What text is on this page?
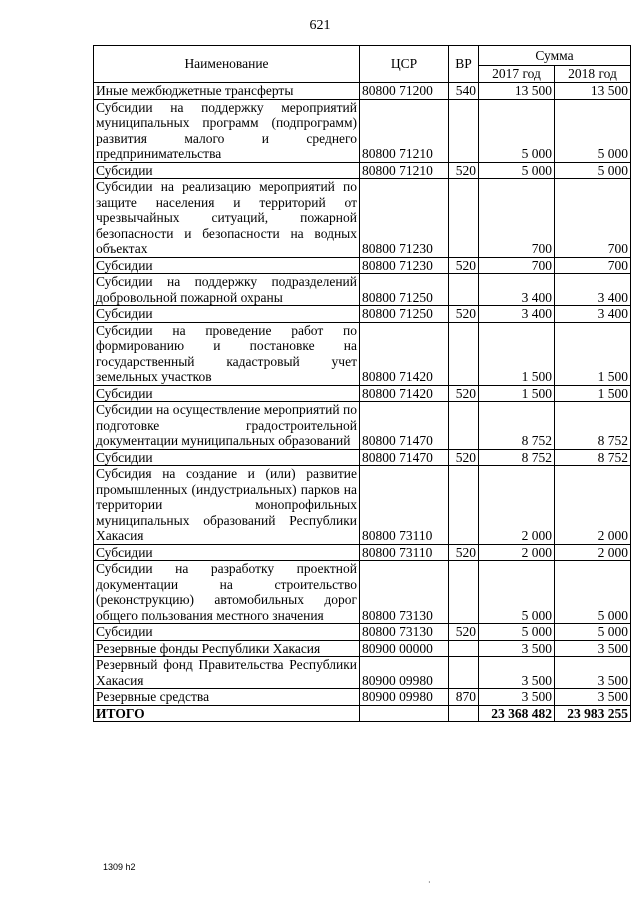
621
Наименование	ЦСР	ВР	Сумма	
			2017 год	2018 год
Иные межбюджетные трансферты	80800 71200	540	13 500	13 500
Субсидии на поддержку мероприятий муниципальных программ (подпрограмм) развития малого и среднего предпринимательства	80800 71210		5 000	5 000
Субсидии	80800 71210	520	5 000	5 000
Субсидии на реализацию мероприятий по защите населения и территорий от чрезвычайных ситуаций, пожарной безопасности и безопасности на водных объектах	80800 71230		700	700
Субсидии	80800 71230	520	700	700
Субсидии на поддержку подразделений добровольной пожарной охраны	80800 71250		3 400	3 400
Субсидии	80800 71250	520	3 400	3 400
Субсидии на проведение работ по формированию и постановке на государственный кадастровый учет земельных участков	80800 71420		1 500	1 500
Субсидии	80800 71420	520	1 500	1 500
Субсидии на осуществление мероприятий по подготовке градостроительной документации муниципальных образований	80800 71470		8 752	8 752
Субсидии	80800 71470	520	8 752	8 752
Субсидия на создание и (или) развитие промышленных (индустриальных) парков на территории монопрофильных муниципальных образований Республики Хакасия	80800 73110		2 000	2 000
Субсидии	80800 73110	520	2 000	2 000
Субсидии на разработку проектной документации на строительство (реконструкцию) автомобильных дорог общего пользования местного значения	80800 73130		5 000	5 000
Субсидии	80800 73130	520	5 000	5 000
Резервные фонды Республики Хакасия	80900 00000		3 500	3 500
Резервный фонд Правительства Республики Хакасия	80900 09980		3 500	3 500
Резервные средства	80900 09980	870	3 500	3 500
ИТОГО			23 368 482	23 983 255
1309 h2
·
